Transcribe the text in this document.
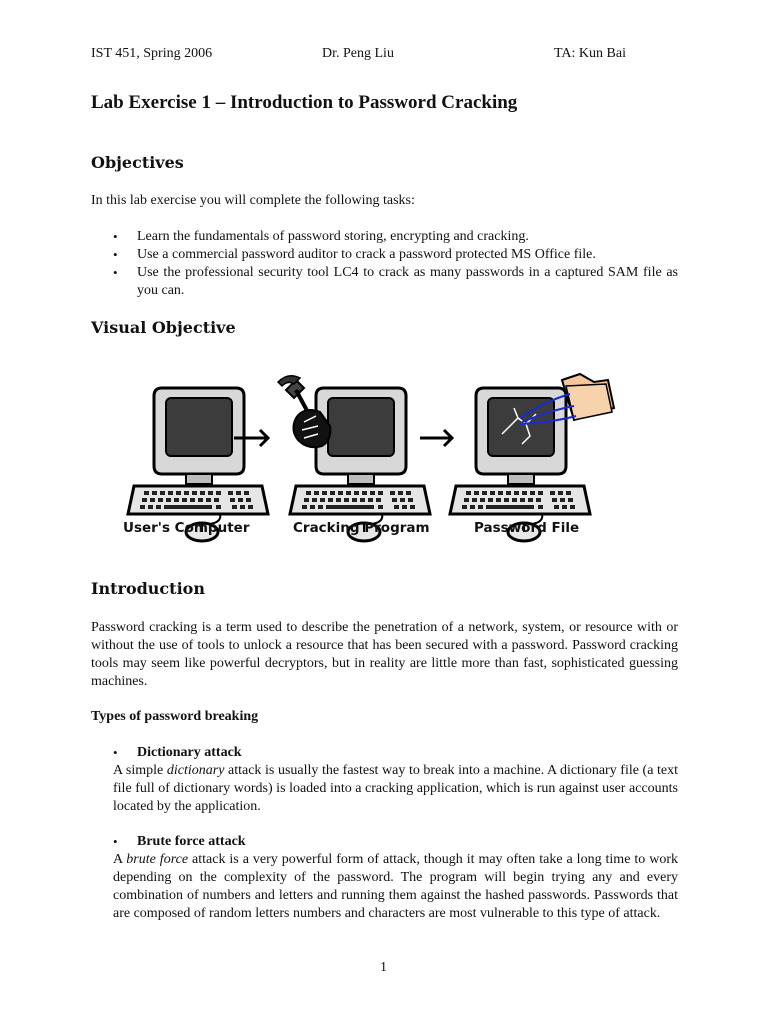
IST 451, Spring 2006	Dr. Peng Liu	TA: Kun Bai
Lab Exercise 1 – Introduction to Password Cracking
Objectives

In this lab exercise you will complete the following tasks:

• Learn the fundamentals of password storing, encrypting and cracking.
• Use a commercial password auditor to crack a password protected MS Office file.
• Use the professional security tool LC4 to crack as many passwords in a captured SAM file as you can.
Visual Objective
User's Computer	Cracking Program	Password File
Introduction

Password cracking is a term used to describe the penetration of a network, system, or resource with or without the use of tools to unlock a resource that has been secured with a password. Password cracking tools may seem like powerful decryptors, but in reality are little more than fast, sophisticated guessing machines.

Types of password breaking
• Dictionary attack
A simple dictionary attack is usually the fastest way to break into a machine. A dictionary file (a text file full of dictionary words) is loaded into a cracking application, which is run against user accounts located by the application.
• Brute force attack
A brute force attack is a very powerful form of attack, though it may often take a long time to work depending on the complexity of the password. The program will begin trying any and every combination of numbers and letters and running them against the hashed passwords. Passwords that are composed of random letters numbers and characters are most vulnerable to this type of attack.
1
